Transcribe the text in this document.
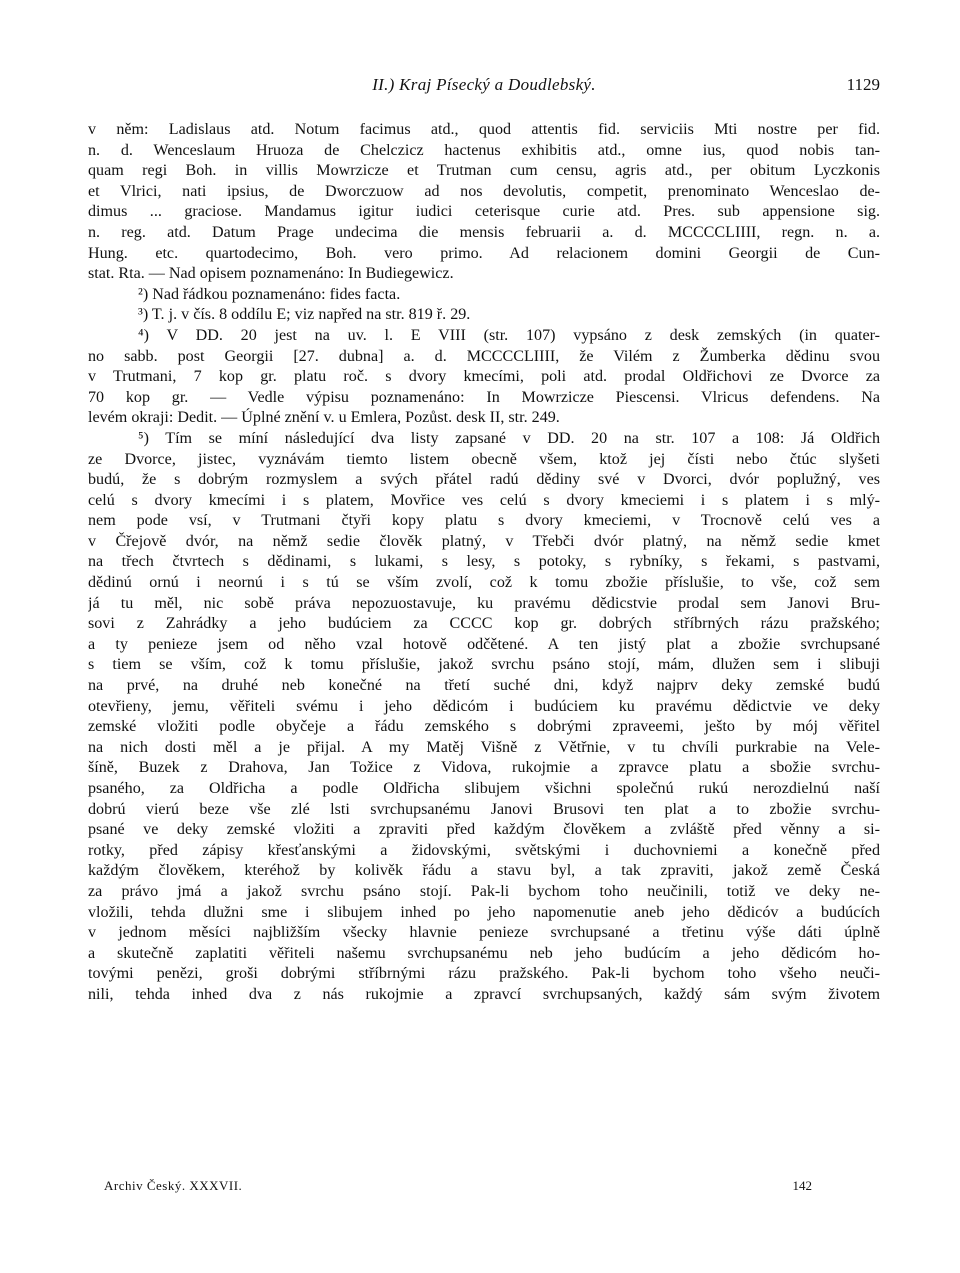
II.) Kraj Písecký a Doudlebský.	1129
v něm: Ladislaus atd. Notum facimus atd., quod attentis fid. serviciis Mti nostre per fid.
n. d. Wenceslaum Hruoza de Chelczicz hactenus exhibitis atd., omne ius, quod nobis tan-
quam regi Boh. in villis Mowrzicze et Trutman cum censu, agris atd., per obitum Lyczkonis
et Vlrici, nati ipsius, de Dworczuow ad nos devolutis, competit, prenominato Wenceslao de-
dimus ... graciose. Mandamus igitur iudici ceterisque curie atd. Pres. sub appensione sig.
n. reg. atd. Datum Prage undecima die mensis februarii a. d. MCCCCLIIII, regn. n. a.
Hung. etc. quartodecimo, Boh. vero primo. Ad relacionem domini Georgii de Cun-
stat. Rta. — Nad opisem poznamenáno: In Budiegewicz.
²) Nad řádkou poznamenáno: fides facta.
³) T. j. v čís. 8 oddílu E; viz napřed na str. 819 ř. 29.
⁴) V DD. 20 jest na uv. l. E VIII (str. 107) vypsáno z desk zemských (in quater-
no sabb. post Georgii [27. dubna] a. d. MCCCCLIIII, že Vilém z Žumberka dědinu svou
v Trutmani, 7 kop gr. platu roč. s dvory kmecími, poli atd. prodal Oldřichovi ze Dvorce za
70 kop gr. — Vedle výpisu poznamenáno: In Mowrzicze Piescensi. Vlricus defendens. Na
levém okraji: Dedit. — Úplné znění v. u Emlera, Pozůst. desk II, str. 249.
⁵) Tím se míní následující dva listy zapsané v DD. 20 na str. 107 a 108: Já Oldřich
ze Dvorce, jistec, vyznávám tiemto listem obecně všem, ktož jej čísti nebo čtúc slyšeti
budú, že s dobrým rozmyslem a svých přátel radú dědiny své v Dvorci, dvór poplužný, ves
celú s dvory kmecími i s platem, Movřice ves celú s dvory kmeciemi i s platem i s mlý-
nem pode vsí, v Trutmani čtyři kopy platu s dvory kmeciemi, v Trocnově celú ves a
v Čřejově dvór, na němž sedie člověk platný, v Třebči dvór platný, na němž sedie kmet
na třech čtvrtech s dědinami, s lukami, s lesy, s potoky, s rybníky, s řekami, s pastvami,
dědinú ornú i neornú i s tú se vším zvolí, což k tomu zbožie příslušie, to vše, což sem
já tu měl, nic sobě práva nepozuostavuje, ku pravému dědicstvie prodal sem Janovi Bru-
sovi z Zahrádky a jeho budúciem za CCCC kop gr. dobrých stříbrných rázu pražského;
a ty penieze jsem od něho vzal hotově odčětené. A ten jistý plat a zbožie svrchupsané
s tiem se vším, což k tomu příslušie, jakož svrchu psáno stojí, mám, dlužen sem i slibuji
na prvé, na druhé neb konečné na třetí suché dni, když najprv deky zemské budú
otevřieny, jemu, věřiteli svému i jeho dědicóm i budúciem ku pravému dědictvie ve deky
zemské vložiti podle obyčeje a řádu zemského s dobrými zpraveemi, ješto by mój věřitel
na nich dosti měl a je přijal. A my Matěj Višně z Větřnie, v tu chvíli purkrabie na Vele-
šíně, Buzek z Drahova, Jan Tožice z Vidova, rukojmie a zpravce platu a sbožie svrchu-
psaného, za Oldřicha a podle Oldřicha slibujem všichni společnú rukú nerozdielnú naší
dobrú vierú beze vše zlé lsti svrchupsanému Janovi Brusovi ten plat a to zbožie svrchu-
psané ve deky zemské vložiti a zpraviti před každým člověkem a zvláště před věnny a si-
rotky, před zápisy křesťanskými a židovskými, světskými i duchovniemi a konečně před
každým člověkem, kteréhož by kolivěk řádu a stavu byl, a tak zpraviti, jakož země Česká
za právo jmá a jakož svrchu psáno stojí. Pak-li bychom toho neučinili, totiž ve deky ne-
vložili, tehda dlužni sme i slibujem inhed po jeho napomenutie aneb jeho dědicóv a budúcích
v jednom měsíci najbližším všecky hlavnie penieze svrchupsané a třetinu výše dáti úplně
a skutečně zaplatiti věřiteli našemu svrchupsanému neb jeho budúcím a jeho dědicóm ho-
tovými penězi, groši dobrými stříbrnými rázu pražského. Pak-li bychom toho všeho neuči-
nili, tehda inhed dva z nás rukojmie a zpravcí svrchupsaných, každý sám svým životem
Archiv Český. XXXVII.	142
